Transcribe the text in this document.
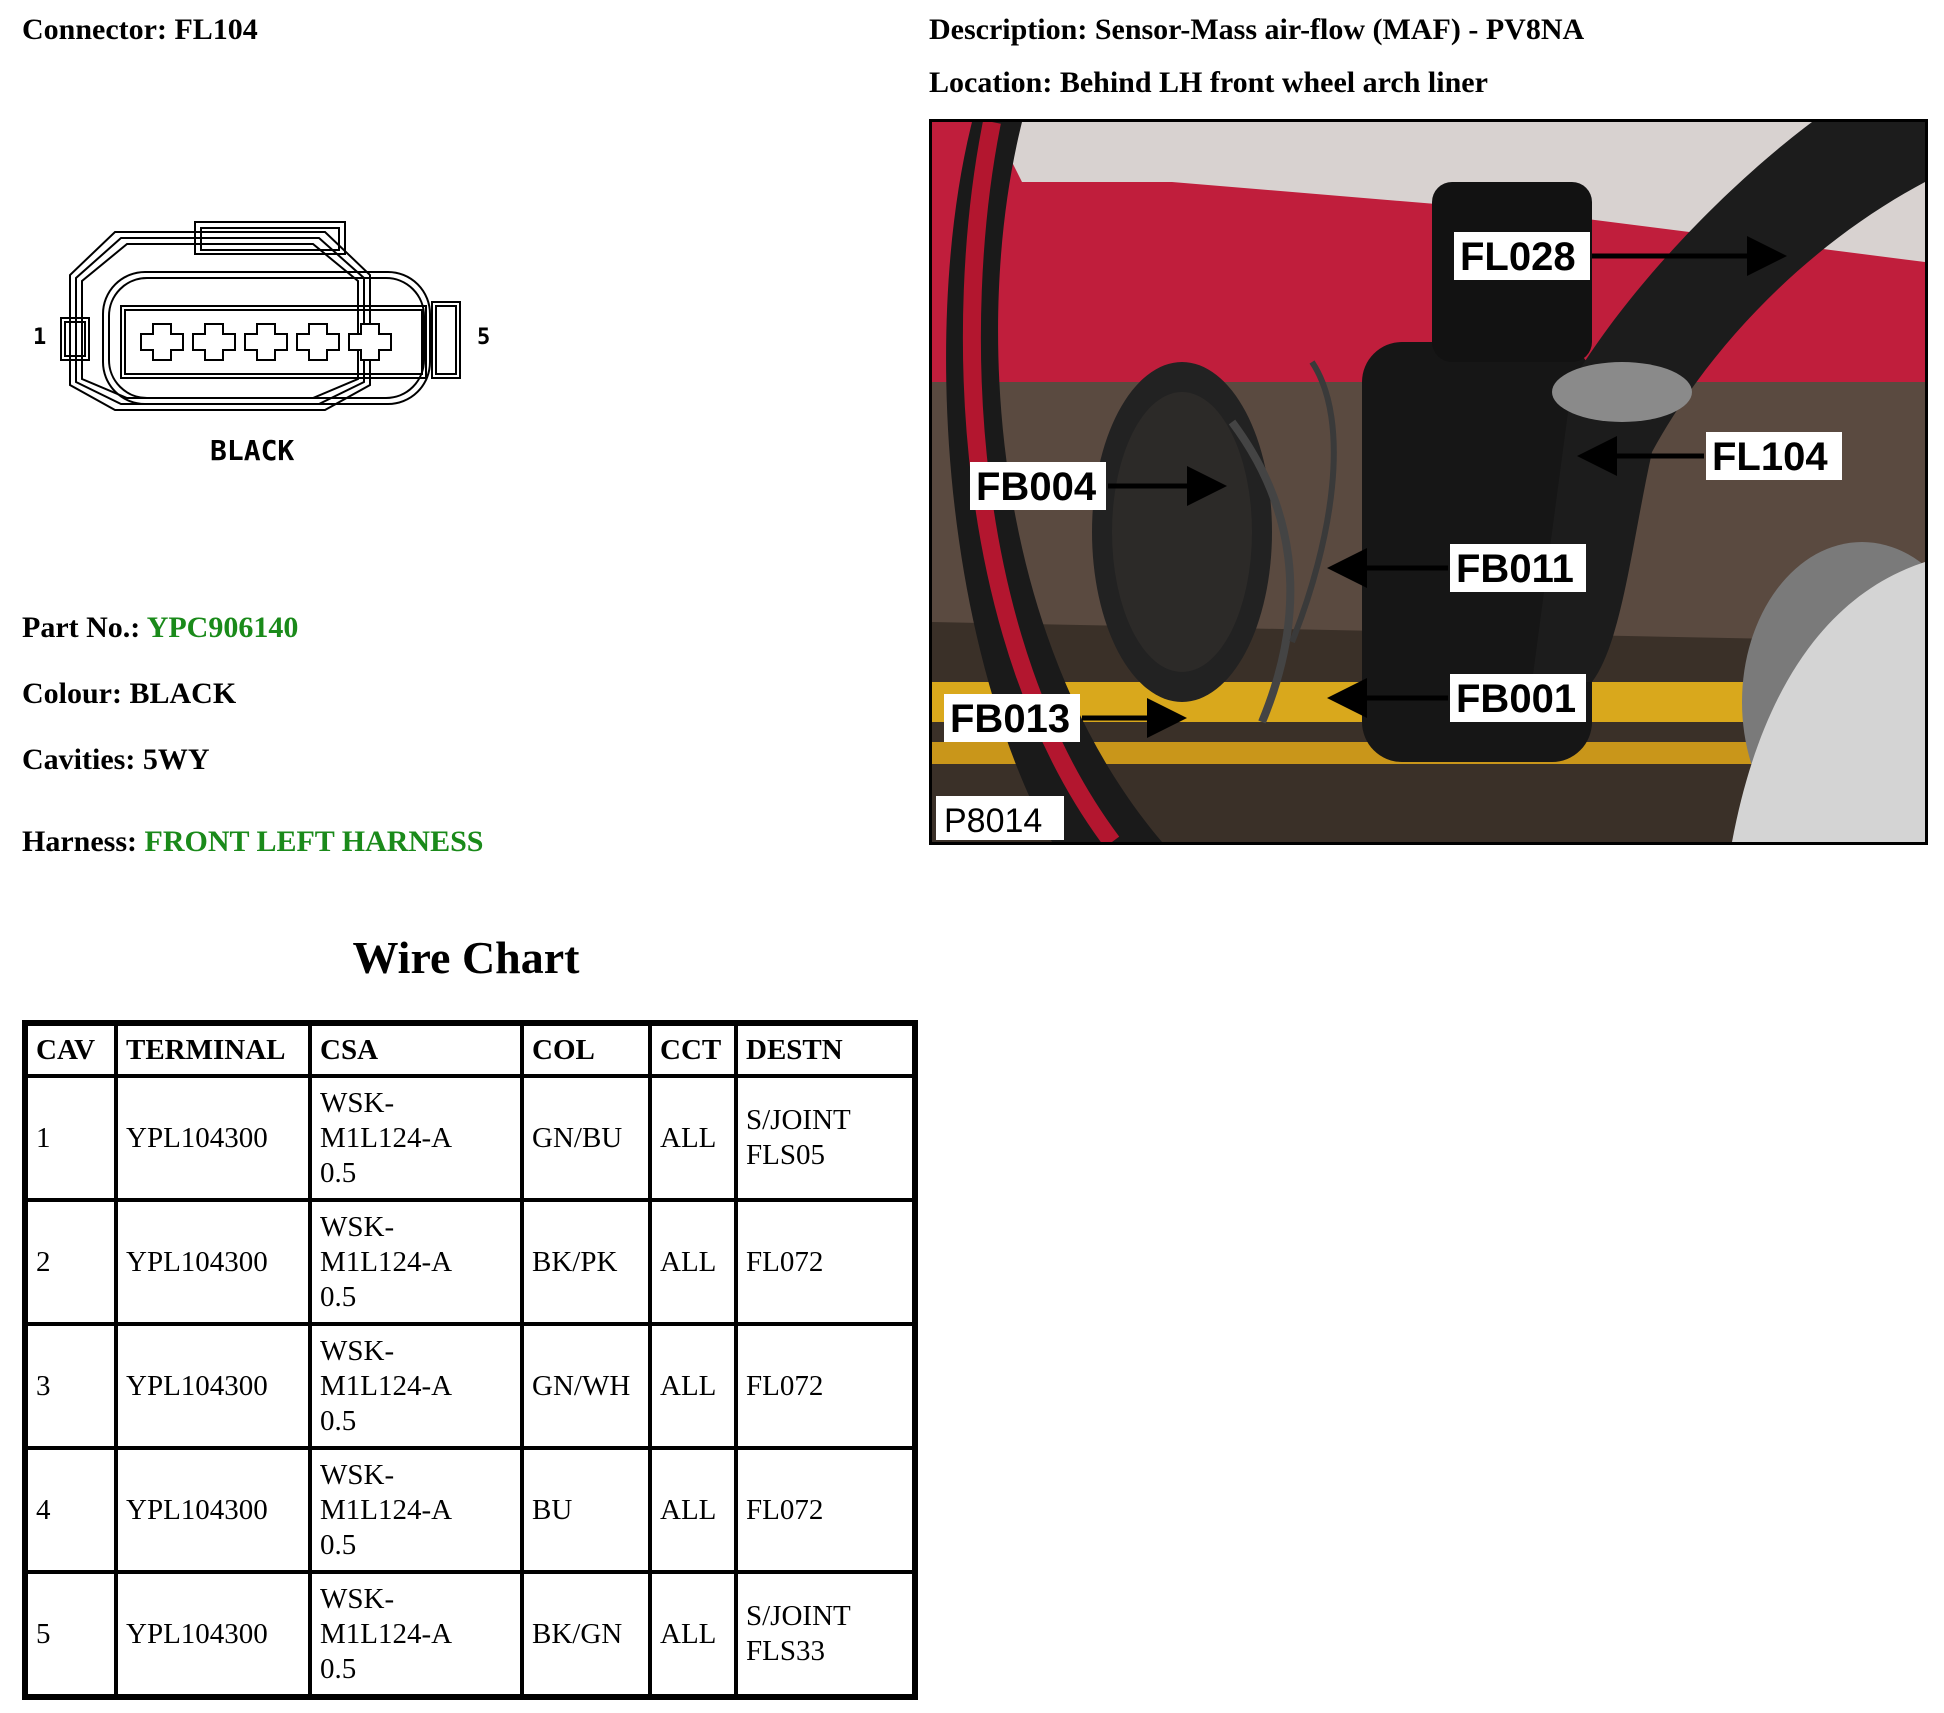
Connector: FL104	Description: Sensor-Mass air-flow (MAF) - PV8NA
Location: Behind LH front wheel arch liner
1	5
BLACK
Part No.: YPC906140
Colour: BLACK
Cavities: 5WY
Harness: FRONT LEFT HARNESS
FL028
FL104
FB004
FB011
FB013	FB001
P8014
Wire Chart
CAV	TERMINAL	CSA	COL	CCT	DESTN
1	YPL104300	WSK-
M1L124-A
0.5	GN/BU	ALL	S/JOINT
FLS05

2	YPL104300	WSK-
M1L124-A
0.5	BK/PK	ALL	FL072

3	YPL104300	WSK-
M1L124-A
0.5	GN/WH	ALL	FL072

4	YPL104300	WSK-
M1L124-A
0.5	BU	ALL	FL072

5	YPL104300	WSK-
M1L124-A
0.5	BK/GN	ALL	S/JOINT
FLS33
